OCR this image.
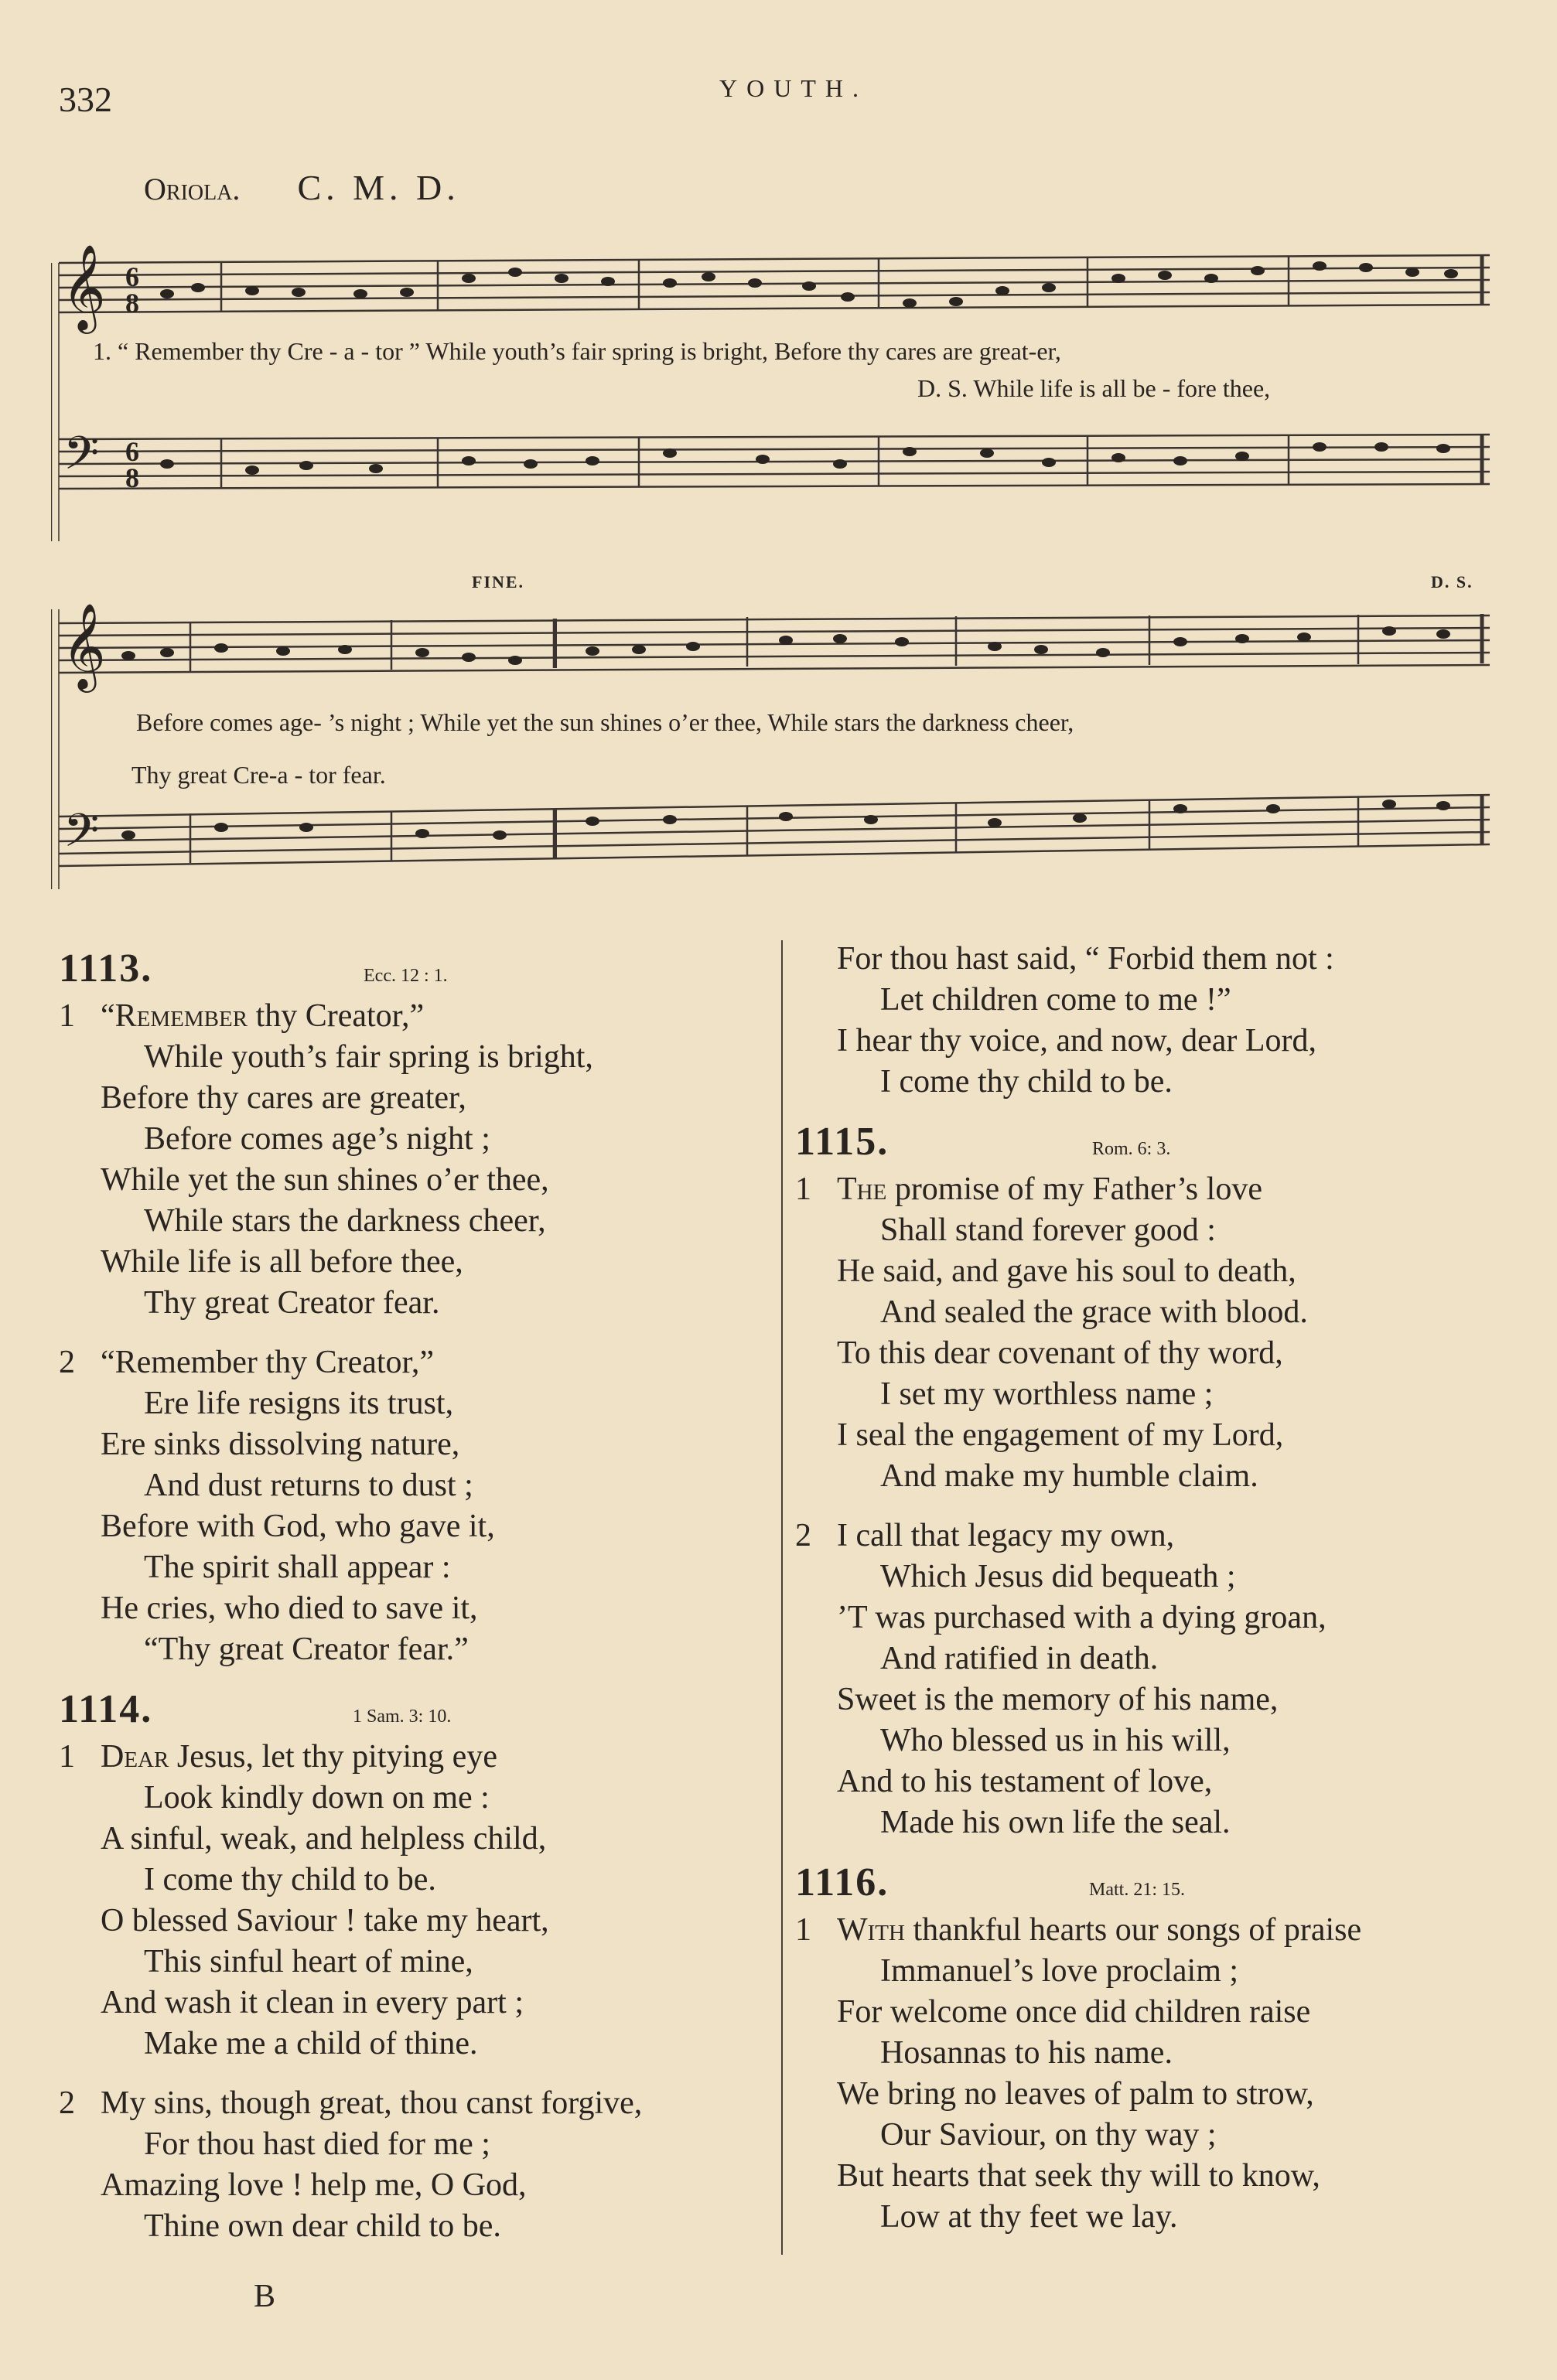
332	YOUTH.
Oriola. C. M. D.
𝄞
𝄢
6
8
6
8
1. “ Remember thy Cre - a - tor ” While youth’s fair spring is bright, Before thy cares are great-er,
D. S. While life is all be - fore thee,
FINE.	D. S.
𝄞
𝄢
Before comes age- ’s night ; While yet the sun shines o’er thee, While stars the darkness cheer,
Thy great Cre-a - tor fear.
1113.	Ecc. 12 : 1.
1 “Remember thy Creator,”
While youth’s fair spring is bright,
Before thy cares are greater,
Before comes age’s night ;
While yet the sun shines o’er thee,
While stars the darkness cheer,
While life is all before thee,
Thy great Creator fear.
2 “Remember thy Creator,”
Ere life resigns its trust,
Ere sinks dissolving nature,
And dust returns to dust ;
Before with God, who gave it,
The spirit shall appear :
He cries, who died to save it,
“Thy great Creator fear.”
1114.	1 Sam. 3: 10.
1 Dear Jesus, let thy pitying eye
Look kindly down on me :
A sinful, weak, and helpless child,
I come thy child to be.
O blessed Saviour ! take my heart,
This sinful heart of mine,
And wash it clean in every part ;
Make me a child of thine.
2 My sins, though great, thou canst forgive,
For thou hast died for me ;
Amazing love ! help me, O God,
Thine own dear child to be.
For thou hast said, “ Forbid them not :
Let children come to me !”
I hear thy voice, and now, dear Lord,
I come thy child to be.
1115.	Rom. 6: 3.
1 The promise of my Father’s love
Shall stand forever good :
He said, and gave his soul to death,
And sealed the grace with blood.
To this dear covenant of thy word,
I set my worthless name ;
I seal the engagement of my Lord,
And make my humble claim.
2 I call that legacy my own,
Which Jesus did bequeath ;
’T was purchased with a dying groan,
And ratified in death.
Sweet is the memory of his name,
Who blessed us in his will,
And to his testament of love,
Made his own life the seal.
1116.	Matt. 21: 15.
1 With thankful hearts our songs of praise
Immanuel’s love proclaim ;
For welcome once did children raise
Hosannas to his name.
We bring no leaves of palm to strow,
Our Saviour, on thy way ;
But hearts that seek thy will to know,
Low at thy feet we lay.
B
